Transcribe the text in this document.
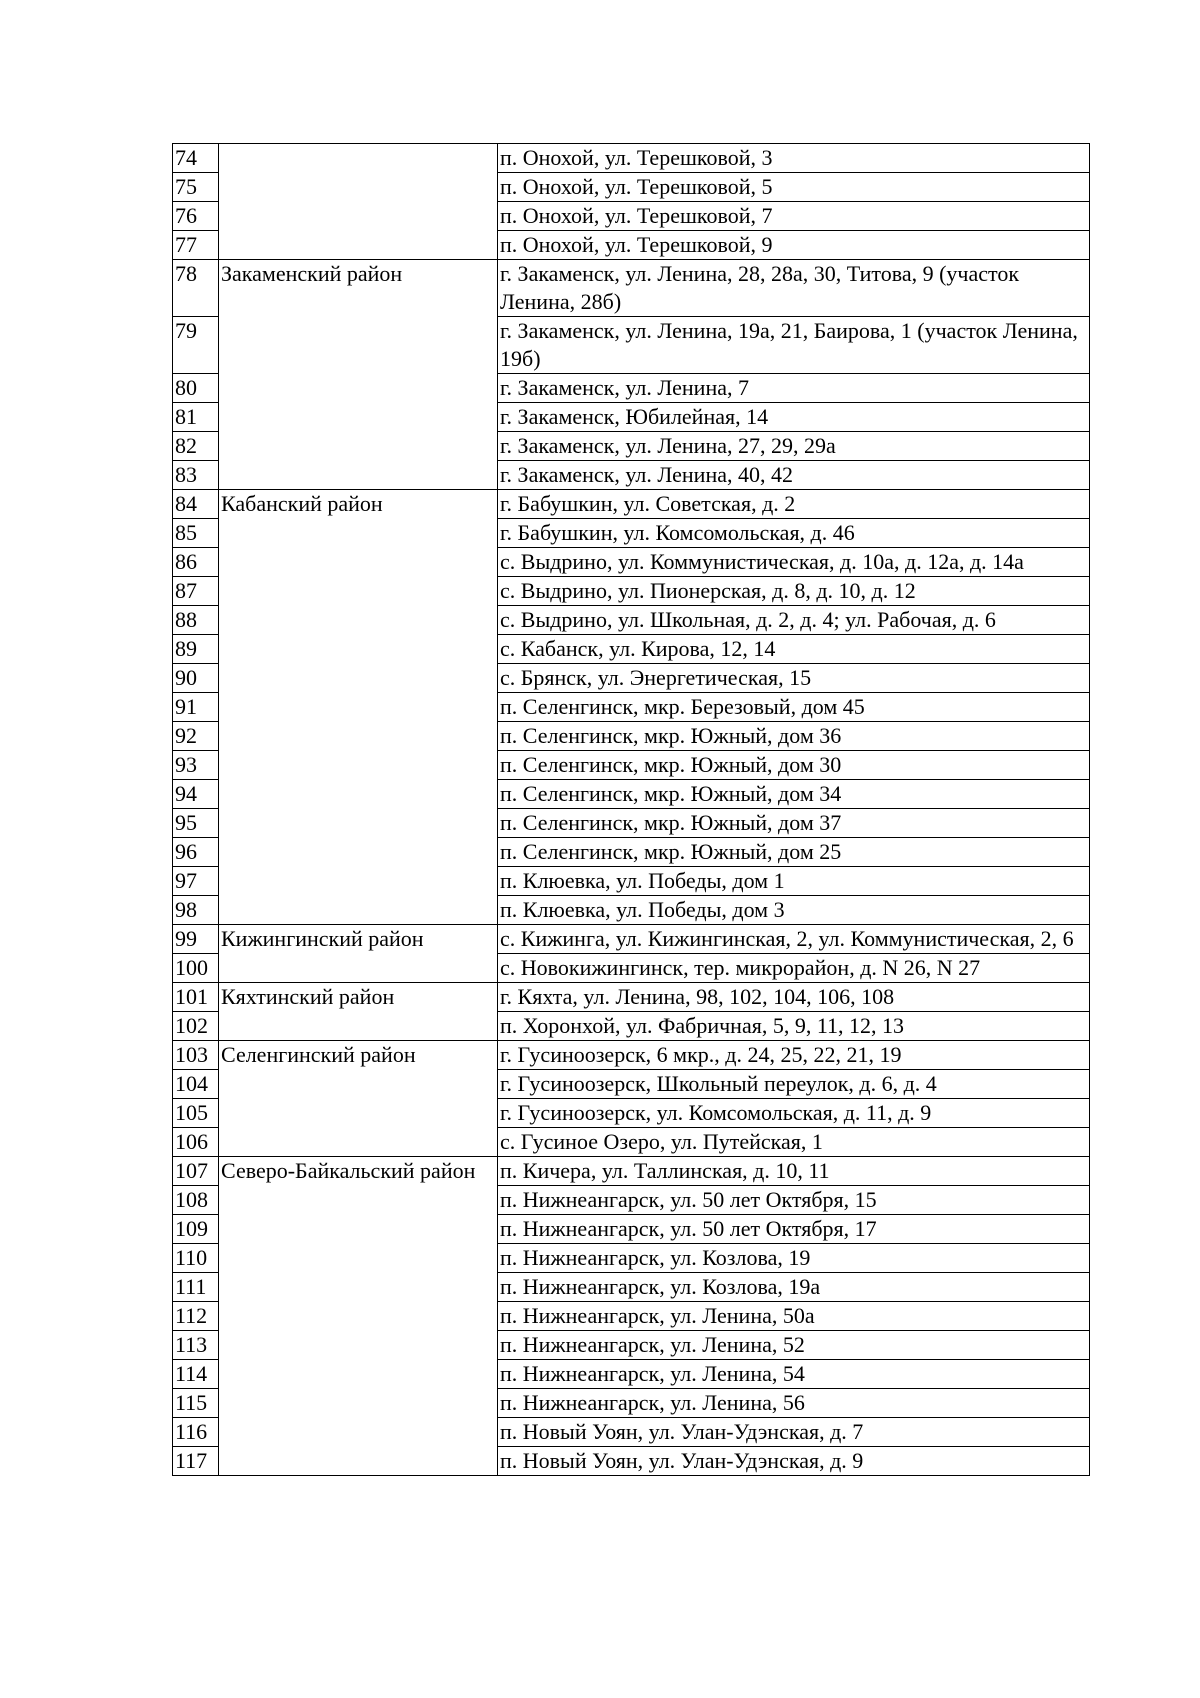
74		п. Онохой, ул. Терешковой, 3

75		п. Онохой, ул. Терешковой, 5

76		п. Онохой, ул. Терешковой, 7

77		п. Онохой, ул. Терешковой, 9

78	Закаменский район	г. Закаменск, ул. Ленина, 28, 28а, 30, Титова, 9 (участок Ленина, 28б)

79		г. Закаменск, ул. Ленина, 19а, 21, Баирова, 1 (участок Ленина, 19б)

80		г. Закаменск, ул. Ленина, 7

81		г. Закаменск, Юбилейная, 14

82		г. Закаменск, ул. Ленина, 27, 29, 29а

83		г. Закаменск, ул. Ленина, 40, 42

84	Кабанский район	г. Бабушкин, ул. Советская, д. 2

85		г. Бабушкин, ул. Комсомольская, д. 46

86		с. Выдрино, ул. Коммунистическая, д. 10а, д. 12а, д. 14а

87		с. Выдрино, ул. Пионерская, д. 8, д. 10, д. 12

88		с. Выдрино, ул. Школьная, д. 2, д. 4; ул. Рабочая, д. 6

89		с. Кабанск, ул. Кирова, 12, 14

90		с. Брянск, ул. Энергетическая, 15

91		п. Селенгинск, мкр. Березовый, дом 45

92		п. Селенгинск, мкр. Южный, дом 36

93		п. Селенгинск, мкр. Южный, дом 30

94		п. Селенгинск, мкр. Южный, дом 34

95		п. Селенгинск, мкр. Южный, дом 37

96		п. Селенгинск, мкр. Южный, дом 25

97		п. Клюевка, ул. Победы, дом 1

98		п. Клюевка, ул. Победы, дом 3

99	Кижингинский район	с. Кижинга, ул. Кижингинская, 2, ул. Коммунистическая, 2, 6

100		с. Новокижингинск, тер. микрорайон, д. N 26, N 27

101	Кяхтинский район	г. Кяхта, ул. Ленина, 98, 102, 104, 106, 108

102		п. Хоронхой, ул. Фабричная, 5, 9, 11, 12, 13

103	Селенгинский район	г. Гусиноозерск, 6 мкр., д. 24, 25, 22, 21, 19

104		г. Гусиноозерск, Школьный переулок, д. 6, д. 4

105		г. Гусиноозерск, ул. Комсомольская, д. 11, д. 9

106		с. Гусиное Озеро, ул. Путейская, 1

107	Северо-Байкальский район	п. Кичера, ул. Таллинская, д. 10, 11

108		п. Нижнеангарск, ул. 50 лет Октября, 15

109		п. Нижнеангарск, ул. 50 лет Октября, 17

110		п. Нижнеангарск, ул. Козлова, 19

111		п. Нижнеангарск, ул. Козлова, 19а

112		п. Нижнеангарск, ул. Ленина, 50а

113		п. Нижнеангарск, ул. Ленина, 52

114		п. Нижнеангарск, ул. Ленина, 54

115		п. Нижнеангарск, ул. Ленина, 56

116		п. Новый Уоян, ул. Улан-Удэнская, д. 7

117		п. Новый Уоян, ул. Улан-Удэнская, д. 9
